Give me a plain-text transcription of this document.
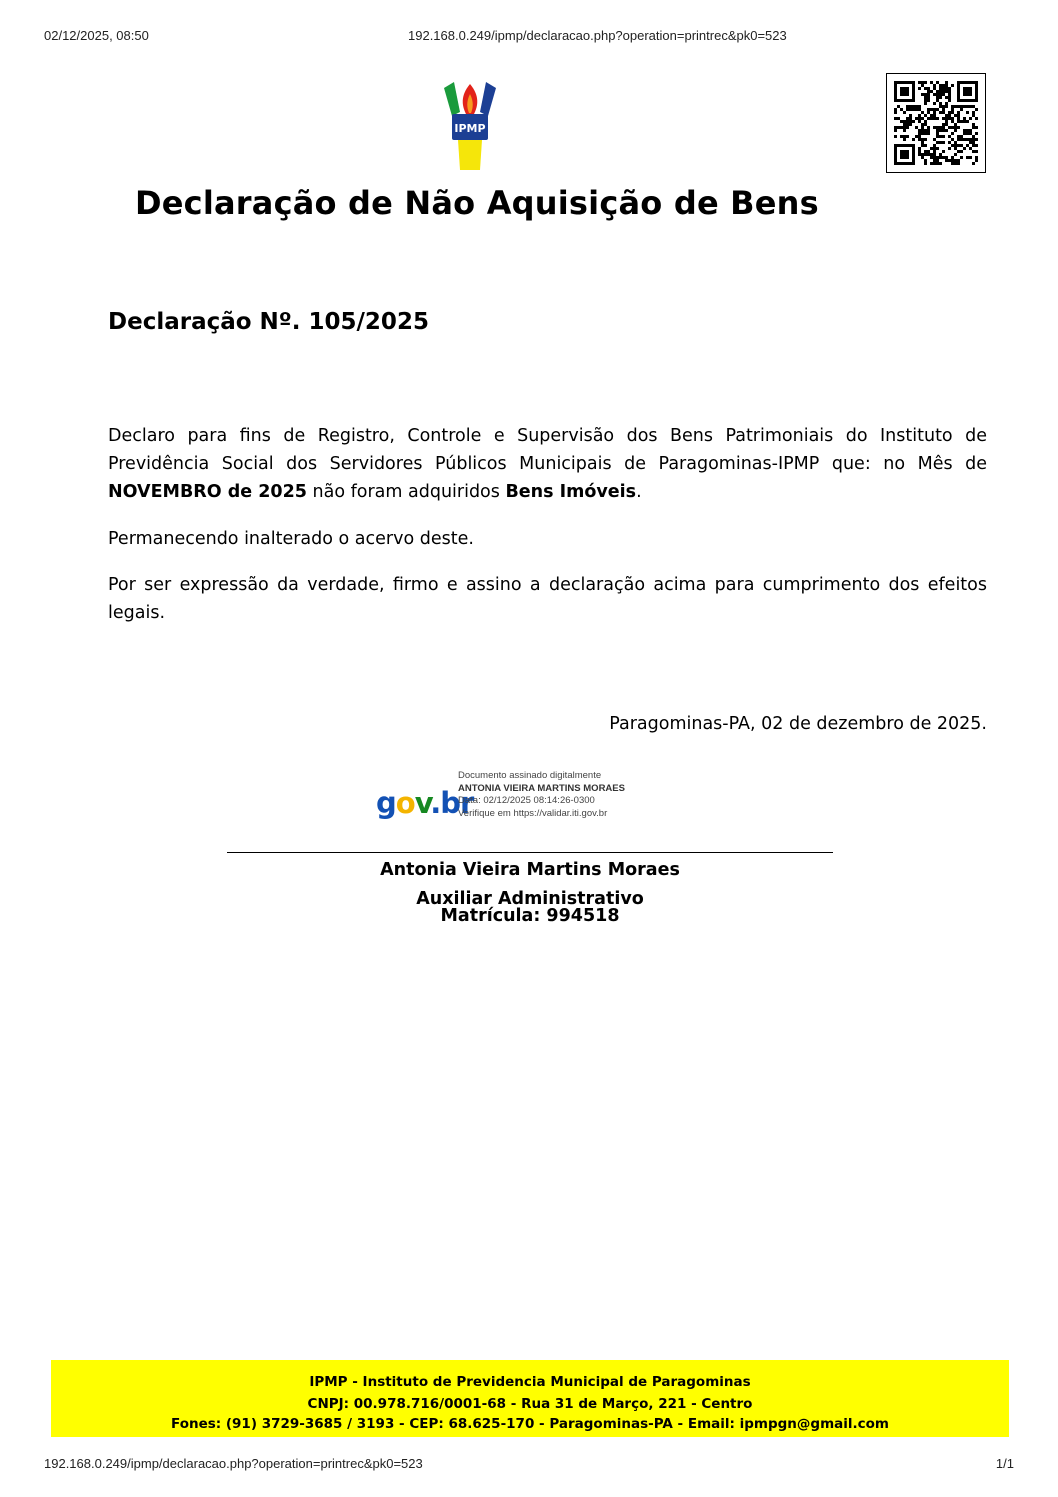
02/12/2025, 08:50	192.168.0.249/ipmp/declaracao.php?operation=printrec&pk0=523
IPMP
Declaração de Não Aquisição de Bens
Declaração Nº. 105/2025
Declaro para fins de Registro, Controle e Supervisão dos Bens Patrimoniais do Instituto de Previdência Social dos Servidores Públicos Municipais de Paragominas-IPMP que: no Mês de NOVEMBRO de 2025 não foram adquiridos Bens Imóveis.
Permanecendo inalterado o acervo deste.
Por ser expressão da verdade, firmo e assino a declaração acima para cumprimento dos efeitos legais.
Paragominas-PA, 02 de dezembro de 2025.
gov.br
Documento assinado digitalmente
ANTONIA VIEIRA MARTINS MORAES
Data: 02/12/2025 08:14:26-0300
Verifique em https://validar.iti.gov.br
Antonia Vieira Martins Moraes
Auxiliar Administrativo
Matrícula: 994518
IPMP - Instituto de Previdencia Municipal de Paragominas
CNPJ: 00.978.716/0001-68 - Rua 31 de Março, 221 - Centro
Fones: (91) 3729-3685 / 3193 - CEP: 68.625-170 - Paragominas-PA - Email: ipmpgn@gmail.com
192.168.0.249/ipmp/declaracao.php?operation=printrec&pk0=523	1/1
